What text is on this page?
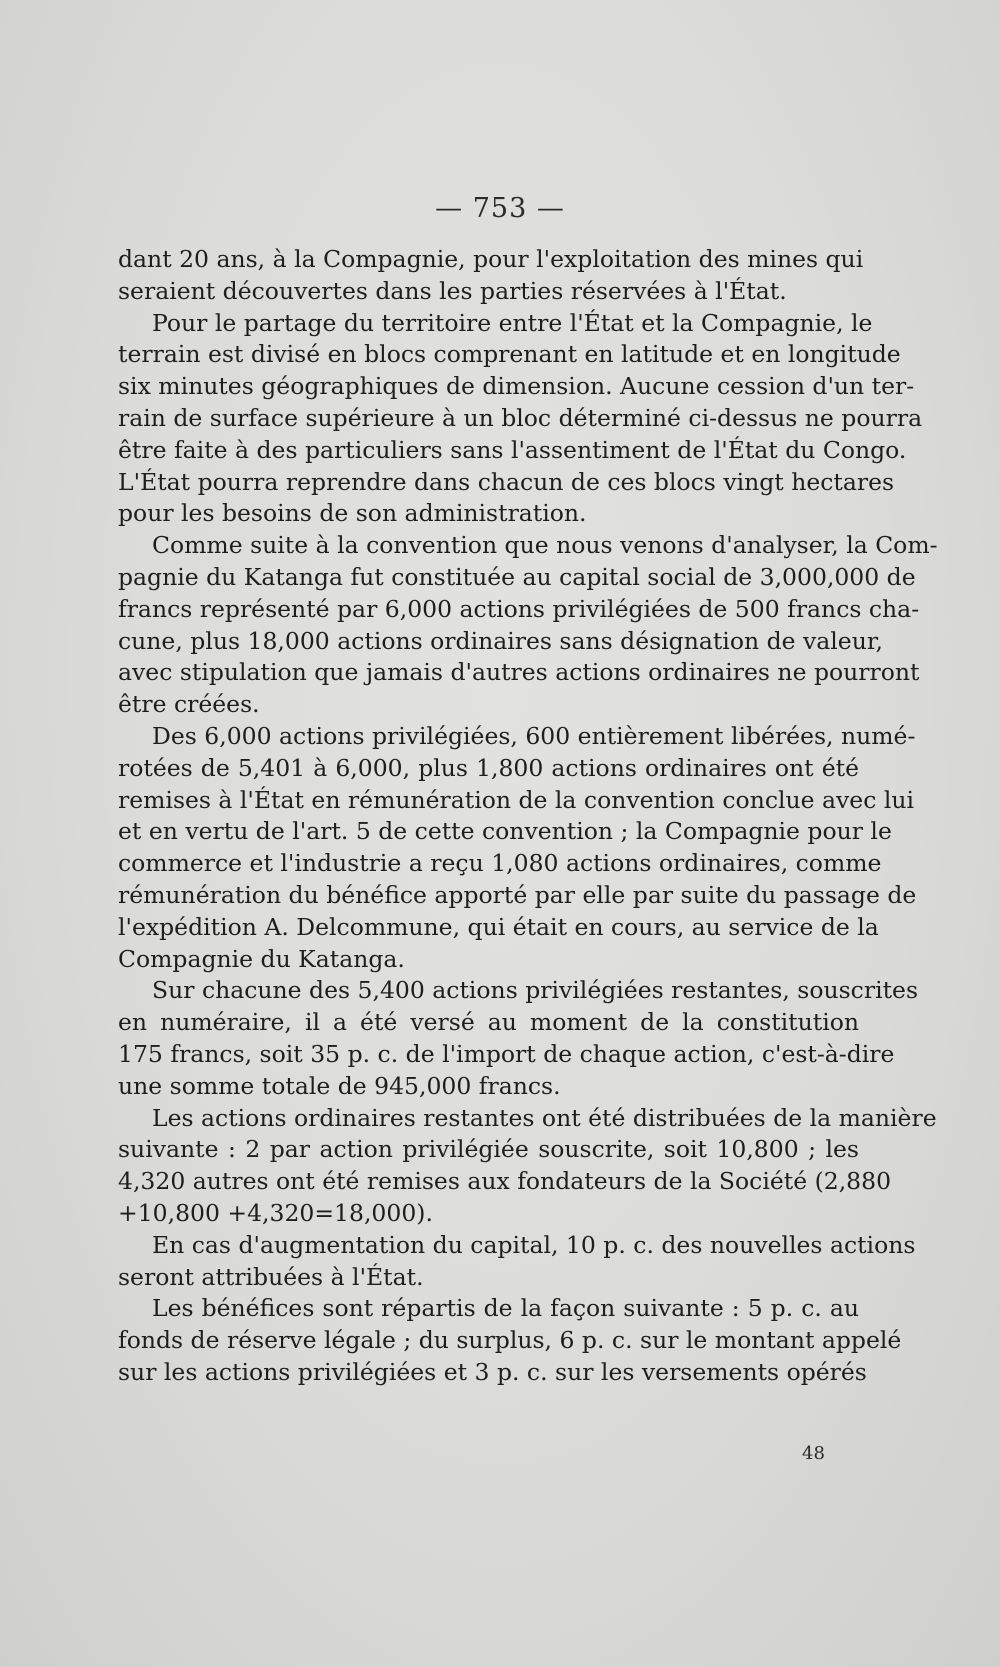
— 753 —
dant 20 ans, à la Compagnie, pour l'exploitation des mines qui
seraient découvertes dans les parties réservées à l'État.
Pour le partage du territoire entre l'État et la Compagnie, le
terrain est divisé en blocs comprenant en latitude et en longitude
six minutes géographiques de dimension. Aucune cession d'un ter-
rain de surface supérieure à un bloc déterminé ci-dessus ne pourra
être faite à des particuliers sans l'assentiment de l'État du Congo.
L'État pourra reprendre dans chacun de ces blocs vingt hectares
pour les besoins de son administration.
Comme suite à la convention que nous venons d'analyser, la Com-
pagnie du Katanga fut constituée au capital social de 3,000,000 de
francs représenté par 6,000 actions privilégiées de 500 francs cha-
cune, plus 18,000 actions ordinaires sans désignation de valeur,
avec stipulation que jamais d'autres actions ordinaires ne pourront
être créées.
Des 6,000 actions privilégiées, 600 entièrement libérées, numé-
rotées de 5,401 à 6,000, plus 1,800 actions ordinaires ont été
remises à l'État en rémunération de la convention conclue avec lui
et en vertu de l'art. 5 de cette convention ; la Compagnie pour le
commerce et l'industrie a reçu 1,080 actions ordinaires, comme
rémunération du bénéfice apporté par elle par suite du passage de
l'expédition A. Delcommune, qui était en cours, au service de la
Compagnie du Katanga.
Sur chacune des 5,400 actions privilégiées restantes, souscrites
en numéraire, il a été versé au moment de la constitution
175 francs, soit 35 p. c. de l'import de chaque action, c'est-à-dire
une somme totale de 945,000 francs.
Les actions ordinaires restantes ont été distribuées de la manière
suivante : 2 par action privilégiée souscrite, soit 10,800 ; les
4,320 autres ont été remises aux fondateurs de la Société (2,880
+10,800 +4,320=18,000).
En cas d'augmentation du capital, 10 p. c. des nouvelles actions
seront attribuées à l'État.
Les bénéfices sont répartis de la façon suivante : 5 p. c. au
fonds de réserve légale ; du surplus, 6 p. c. sur le montant appelé
sur les actions privilégiées et 3 p. c. sur les versements opérés
48
